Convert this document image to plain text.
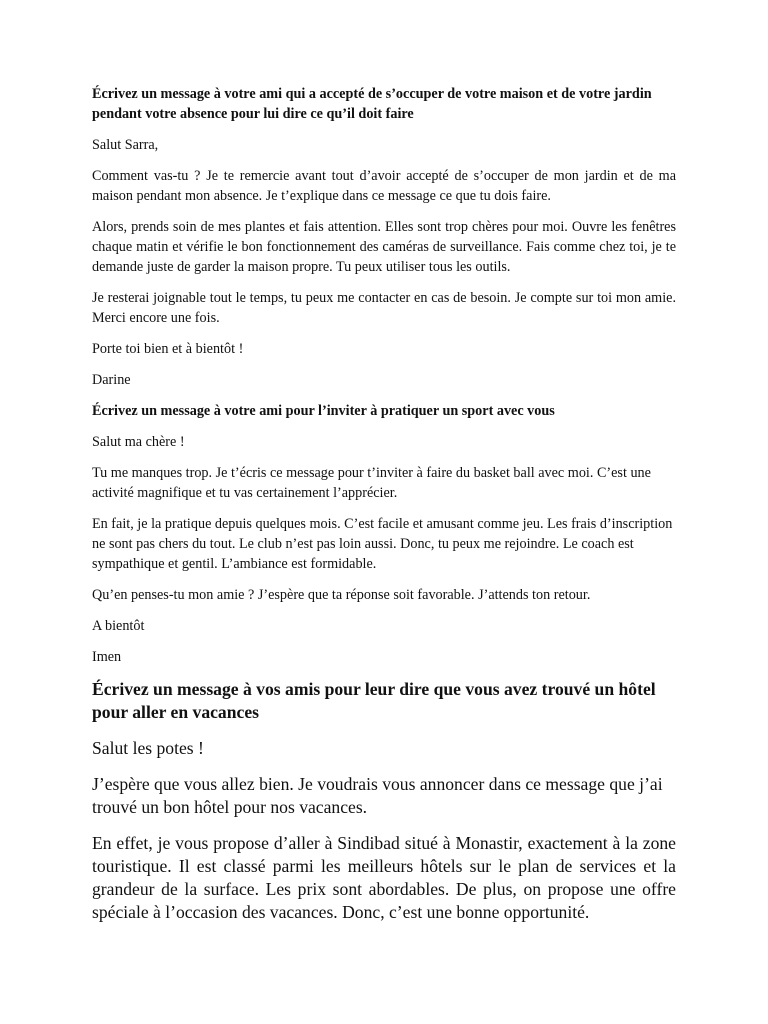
Écrivez un message à votre ami qui a accepté de s’occuper de votre maison et de votre jardin pendant votre absence pour lui dire ce qu’il doit faire

Salut Sarra,

Comment vas-tu ? Je te remercie avant tout d’avoir accepté de s’occuper de mon jardin et de ma maison pendant mon absence. Je t’explique dans ce message ce que tu dois faire.

Alors, prends soin de mes plantes et fais attention. Elles sont trop chères pour moi. Ouvre les fenêtres chaque matin et vérifie le bon fonctionnement des caméras de surveillance. Fais comme chez toi, je te demande juste de garder la maison propre. Tu peux utiliser tous les outils.

Je resterai joignable tout le temps, tu peux me contacter en cas de besoin. Je compte sur toi mon amie. Merci encore une fois.

Porte toi bien et à bientôt !

Darine

Écrivez un message à votre ami pour l’inviter à pratiquer un sport avec vous

Salut ma chère !

Tu me manques trop. Je t’écris ce message pour t’inviter à faire du basket ball avec moi. C’est une activité magnifique et tu vas certainement l’apprécier.

En fait, je la pratique depuis quelques mois. C’est facile et amusant comme jeu. Les frais d’inscription ne sont pas chers du tout. Le club n’est pas loin aussi. Donc, tu peux me rejoindre. Le coach est sympathique et gentil. L’ambiance est formidable.

Qu’en penses-tu mon amie ? J’espère que ta réponse soit favorable. J’attends ton retour.

A bientôt

Imen

Écrivez un message à vos amis pour leur dire que vous avez trouvé un hôtel pour aller en vacances

Salut les potes !

J’espère que vous allez bien. Je voudrais vous annoncer dans ce message que j’ai trouvé un bon hôtel pour nos vacances.

En effet, je vous propose d’aller à Sindibad situé à Monastir, exactement à la zone touristique. Il est classé parmi les meilleurs hôtels sur le plan de services et la grandeur de la surface. Les prix sont abordables. De plus, on propose une offre spéciale à l’occasion des vacances. Donc, c’est une bonne opportunité.
